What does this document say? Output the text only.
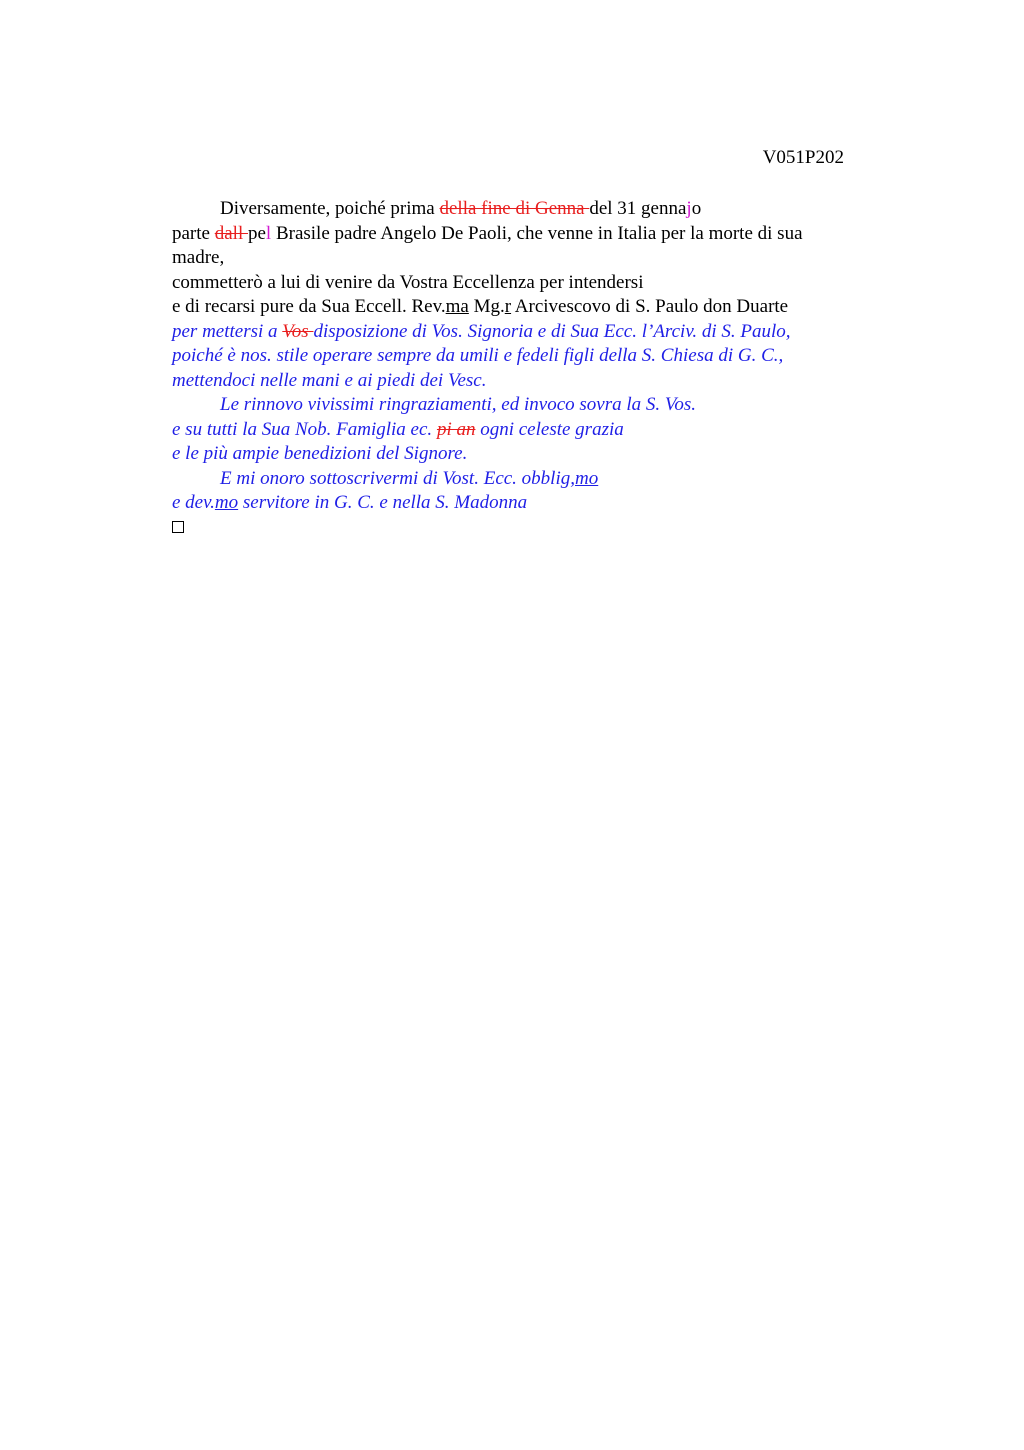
V051P202
Diversamente, poiché prima della fine di Genna del 31 gennajo
parte dall pel Brasile padre Angelo De Paoli, che venne in Italia per la morte di sua
madre,
commetterò a lui di venire da Vostra Eccellenza per intendersi
e di recarsi pure da Sua Eccell. Rev.ma Mg.r Arcivescovo di S. Paulo don Duarte
per mettersi a Vos disposizione di Vos. Signoria e di Sua Ecc. l’Arciv. di S. Paulo,
poiché è nos. stile operare sempre da umili e fedeli figli della S. Chiesa di G. C.,
mettendoci nelle mani e ai piedi dei Vesc.
Le rinnovo vivissimi ringraziamenti, ed invoco sovra la S. Vos.
e su tutti la Sua Nob. Famiglia ec. pi an ogni celeste grazia
e le più ampie benedizioni del Signore.
E mi onoro sottoscrivermi di Vost. Ecc. obblig,mo
e dev.mo servitore in G. C. e nella S. Madonna
